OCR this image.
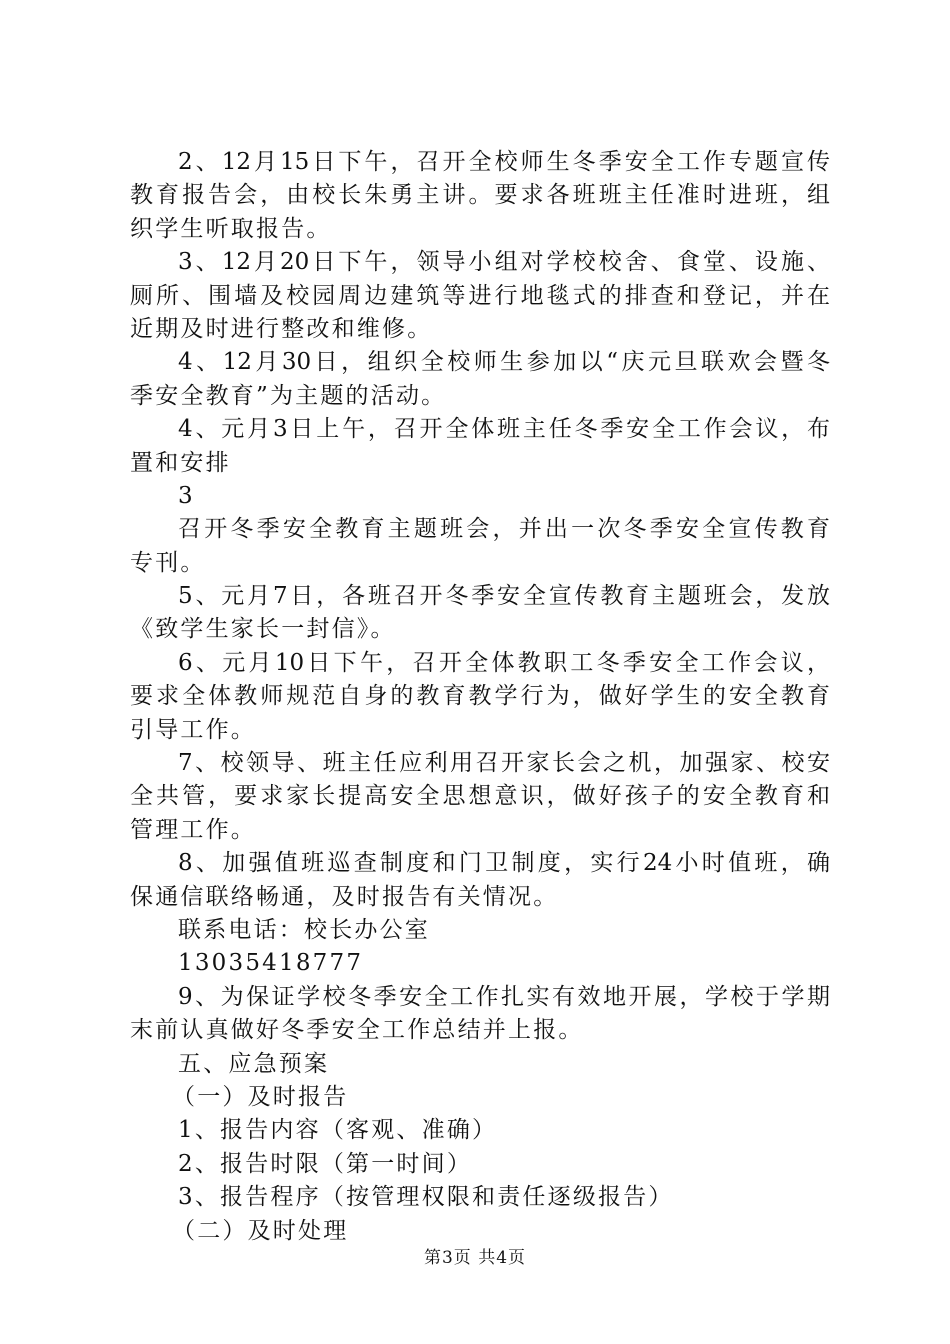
2、12月15日下午，召开全校师生冬季安全工作专题宣传
教育报告会，由校长朱勇主讲。要求各班班主任准时进班，组
织学生听取报告。
3、12月20日下午，领导小组对学校校舍、食堂、设施、
厕所、围墙及校园周边建筑等进行地毯式的排查和登记，并在
近期及时进行整改和维修。
4、12月30日，组织全校师生参加以“庆元旦联欢会暨冬
季安全教育”为主题的活动。
4、元月3日上午，召开全体班主任冬季安全工作会议，布
置和安排
3
召开冬季安全教育主题班会，并出一次冬季安全宣传教育
专刊。
5、元月7日，各班召开冬季安全宣传教育主题班会，发放
《致学生家长一封信》。
6、元月10日下午，召开全体教职工冬季安全工作会议，
要求全体教师规范自身的教育教学行为，做好学生的安全教育
引导工作。
7、校领导、班主任应利用召开家长会之机，加强家、校安
全共管，要求家长提高安全思想意识，做好孩子的安全教育和
管理工作。
8、加强值班巡查制度和门卫制度，实行24小时值班，确
保通信联络畅通，及时报告有关情况。
联系电话：校长办公室
13035418777
9、为保证学校冬季安全工作扎实有效地开展，学校于学期
末前认真做好冬季安全工作总结并上报。
五、应急预案
（一）及时报告
1、报告内容（客观、准确）
2、报告时限（第一时间）
3、报告程序（按管理权限和责任逐级报告）
（二）及时处理
第3页 共4页
